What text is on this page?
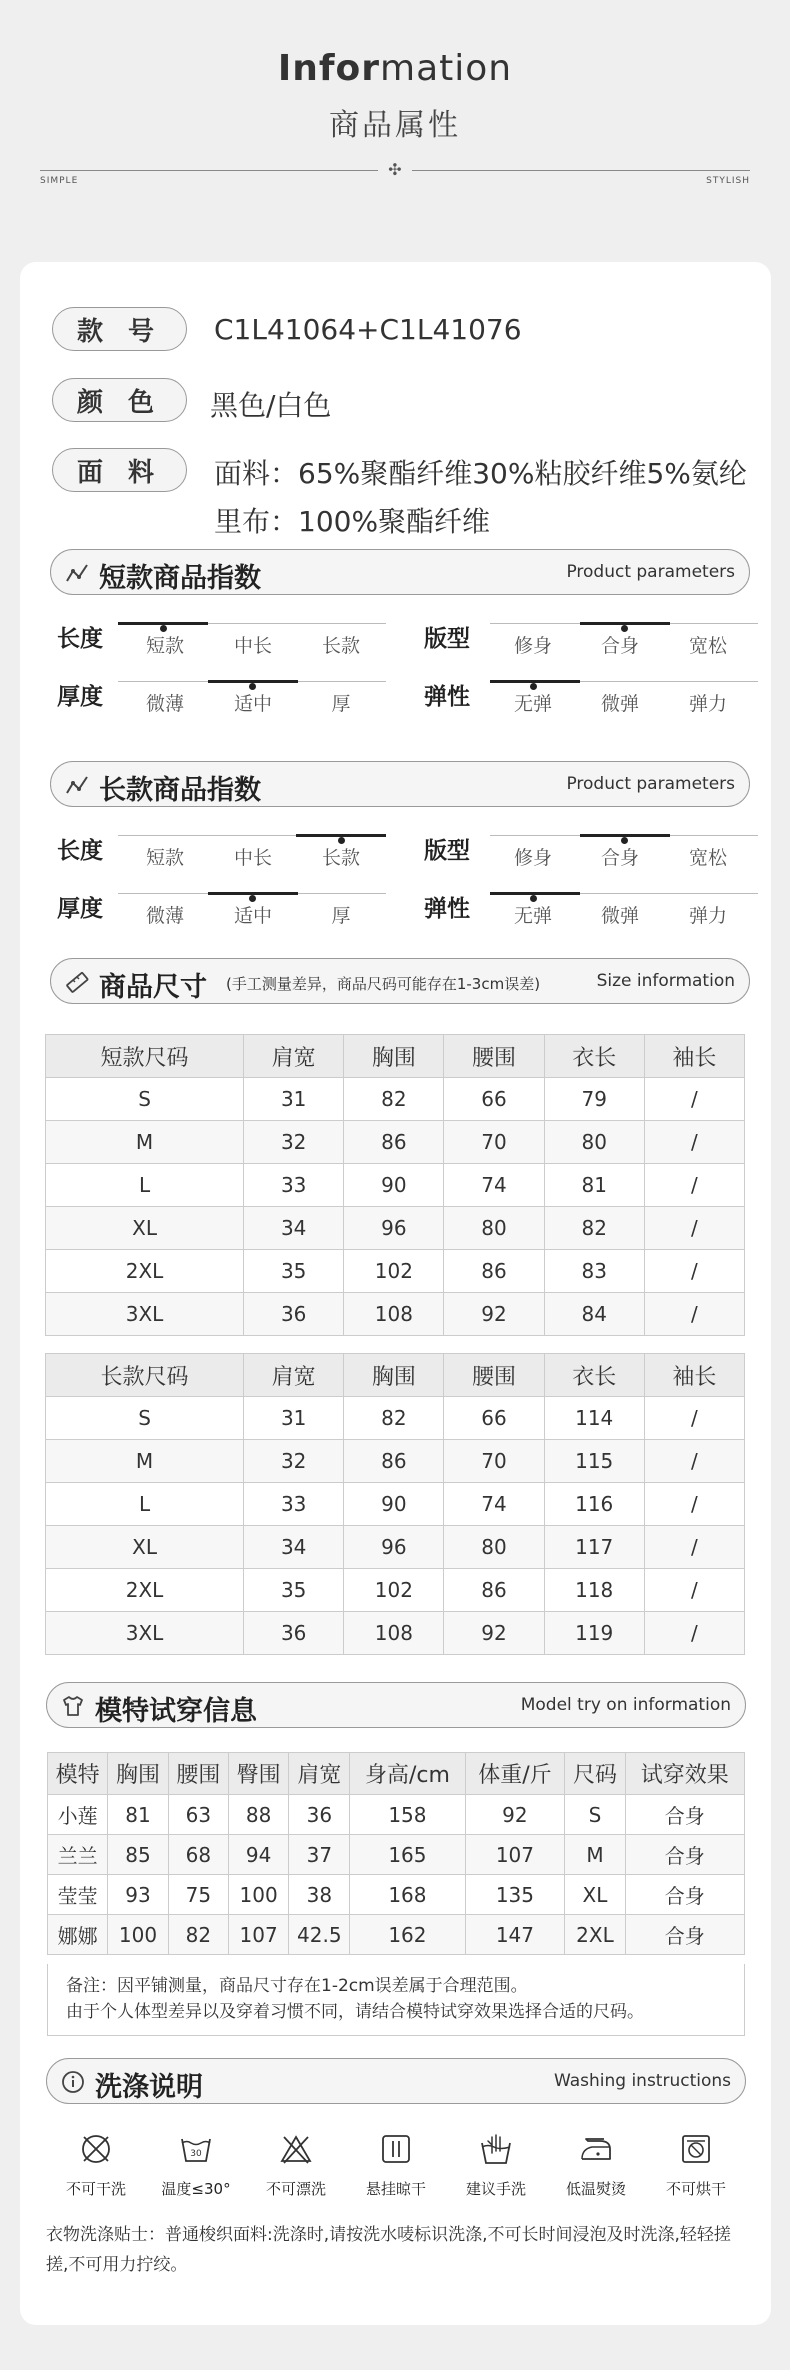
Information
商品属性
✣
SIMPLE	STYLISH
款 号	C1L41064+C1L41076
颜 色	黑色/白色
面 料	面料：65%聚酯纤维30%粘胶纤维5%氨纶
里布：100%聚酯纤维
短款商品指数	Product parameters
长度	短款	中长	长款	版型	修身	合身	宽松
厚度	微薄	适中	厚	弹性	无弹	微弹	弹力
长款商品指数	Product parameters
长度	短款	中长	长款	版型	修身	合身	宽松
厚度	微薄	适中	厚	弹性	无弹	微弹	弹力
商品尺寸 (手工测量差异，商品尺码可能存在1-3cm误差)	Size information
短款尺码	肩宽	胸围	腰围	衣长	袖长
S	31	82	66	79	/
M	32	86	70	80	/
L	33	90	74	81	/
XL	34	96	80	82	/
2XL	35	102	86	83	/
3XL	36	108	92	84	/
长款尺码	肩宽	胸围	腰围	衣长	袖长
S	31	82	66	114	/
M	32	86	70	115	/
L	33	90	74	116	/
XL	34	96	80	117	/
2XL	35	102	86	118	/
3XL	36	108	92	119	/
模特试穿信息	Model try on information
模特	胸围	腰围	臀围	肩宽	身高/cm	体重/斤	尺码	试穿效果
小莲	81	63	88	36	158	92	S	合身
兰兰	85	68	94	37	165	107	M	合身
莹莹	93	75	100	38	168	135	XL	合身
娜娜	100	82	107	42.5	162	147	2XL	合身
备注：因平铺测量，商品尺寸存在1-2cm误差属于合理范围。
由于个人体型差异以及穿着习惯不同，请结合模特试穿效果选择合适的尺码。
洗涤说明	Washing instructions
不可干洗
30
温度≤30°	不可漂洗	悬挂晾干	建议手洗	低温熨烫	不可烘干
衣物洗涤贴士：普通梭织面料:洗涤时,请按洗水唛标识洗涤,不可长时间浸泡及时洗涤,轻轻搓搓,不可用力拧绞。
